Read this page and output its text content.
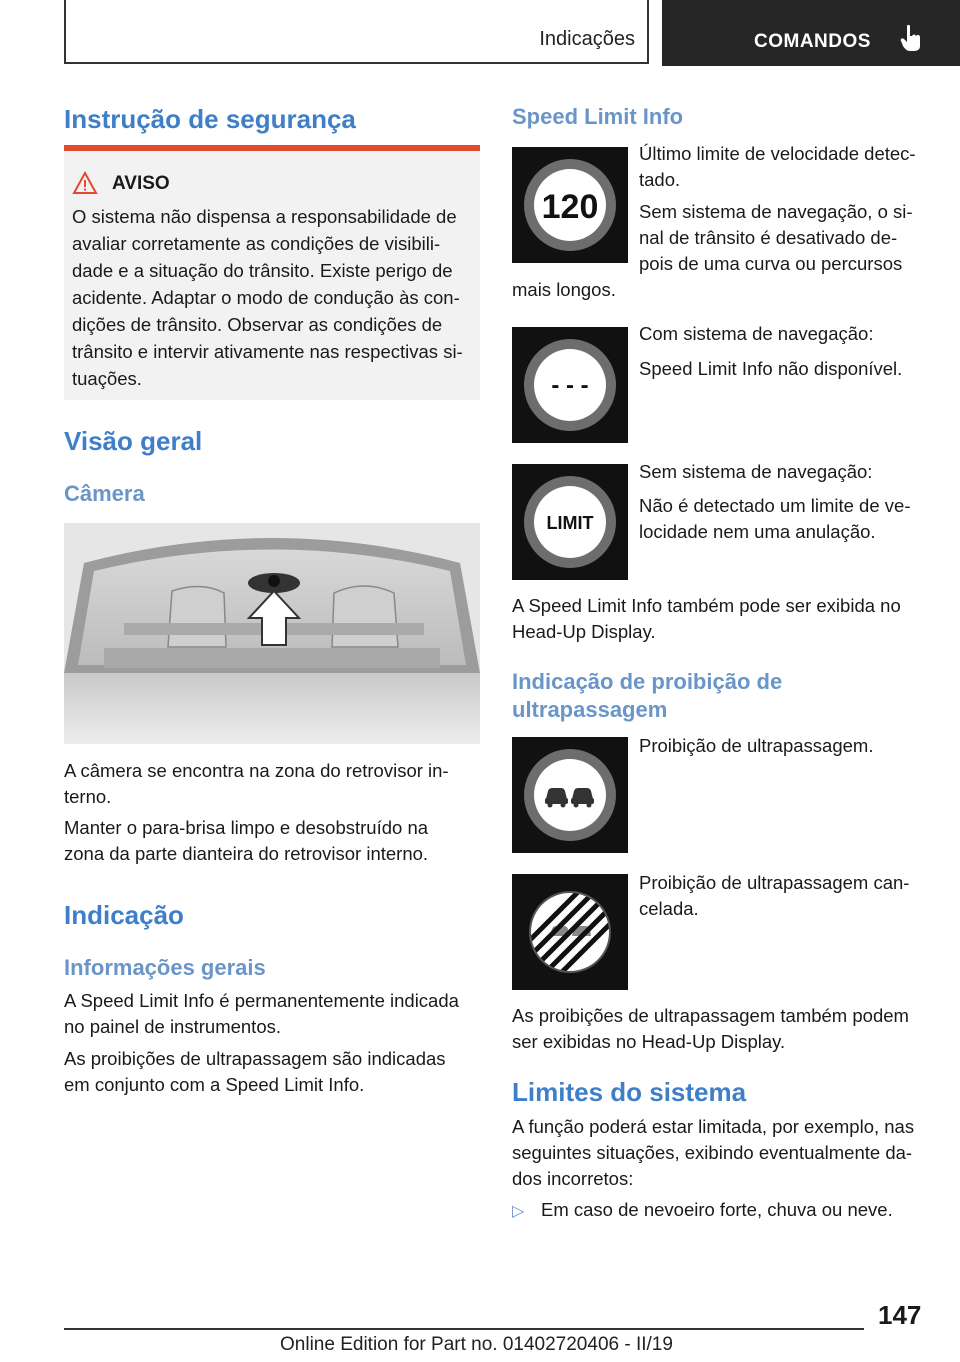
Indicações	COMANDOS
Instrução de segurança
AVISO
O sistema não dispensa a responsabilidade de
avaliar corretamente as condições de visibili-
dade e a situação do trânsito. Existe perigo de
acidente. Adaptar o modo de condução às con-
dições de trânsito. Observar as condições de
trânsito e intervir ativamente nas respectivas si-
tuações.
Visão geral
Câmera
A câmera se encontra na zona do retrovisor in-
terno.
Manter o para-brisa limpo e desobstruído na
zona da parte dianteira do retrovisor interno.
Indicação
Informações gerais
A Speed Limit Info é permanentemente indicada
no painel de instrumentos.
As proibições de ultrapassagem são indicadas
em conjunto com a Speed Limit Info.
Speed Limit Info
120
Último limite de velocidade detec-
tado.
Sem sistema de navegação, o si-
nal de trânsito é desativado de-
pois de uma curva ou percursos
mais longos.
- - -
Com sistema de navegação:
Speed Limit Info não disponível.
LIMIT
Sem sistema de navegação:
Não é detectado um limite de ve-
locidade nem uma anulação.
A Speed Limit Info também pode ser exibida no
Head-Up Display.
Indicação de proibição de
ultrapassagem
Proibição de ultrapassagem.
Proibição de ultrapassagem can-
celada.
As proibições de ultrapassagem também podem
ser exibidas no Head-Up Display.
Limites do sistema
A função poderá estar limitada, por exemplo, nas
seguintes situações, exibindo eventualmente da-
dos incorretos:
▷ Em caso de nevoeiro forte, chuva ou neve.
147
Online Edition for Part no. 01402720406 - II/19
